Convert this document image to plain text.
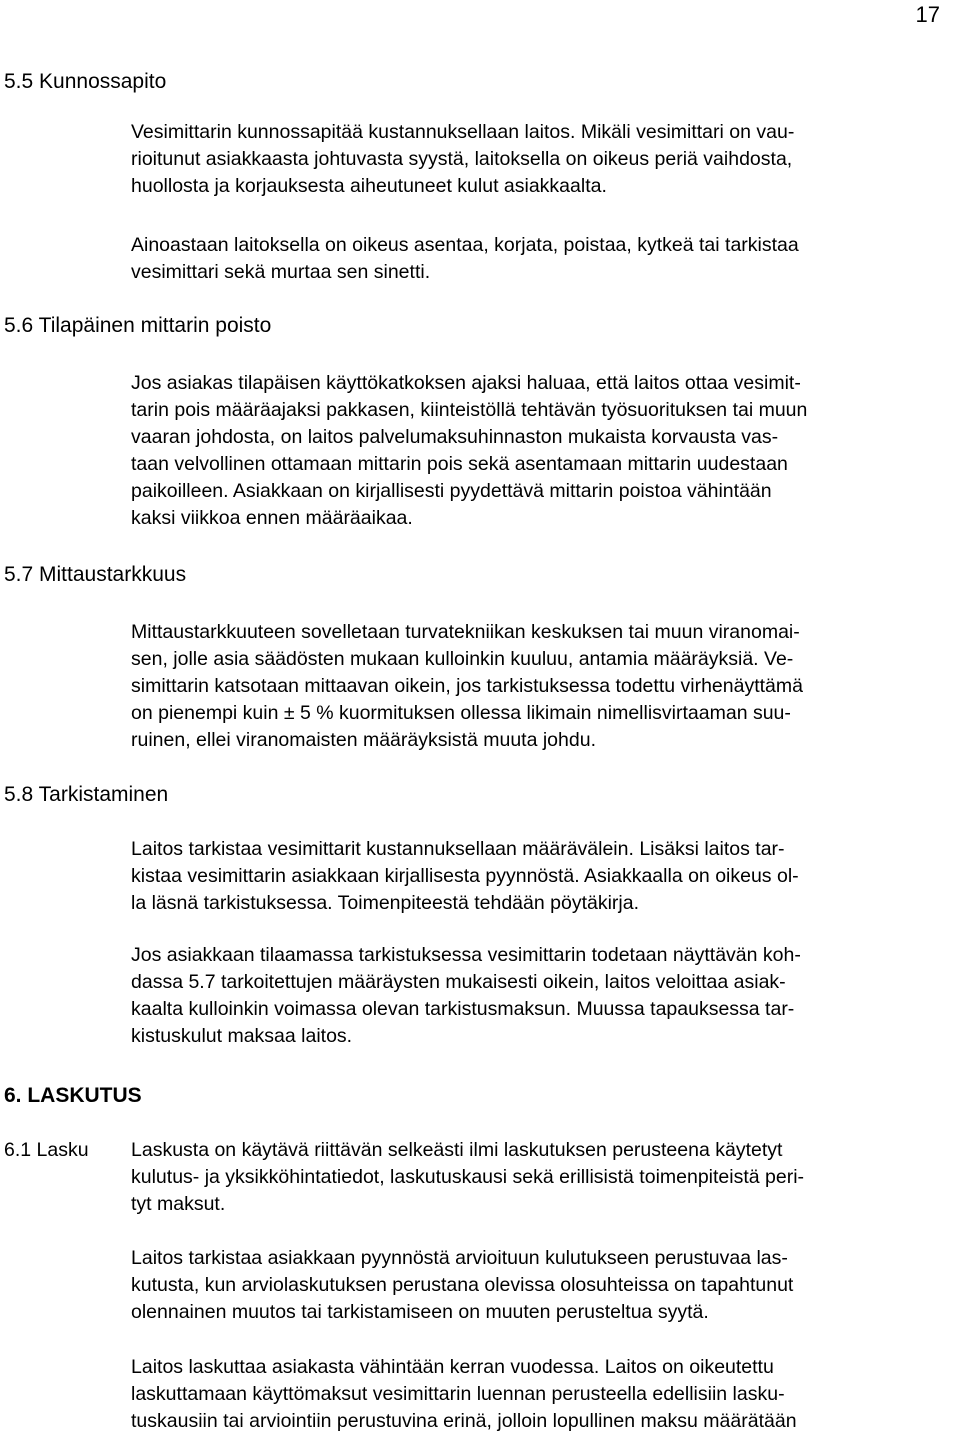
17
5.5 Kunnossapito
Vesimittarin kunnossapitää kustannuksellaan laitos. Mikäli vesimittari on vau-
rioitunut asiakkaasta johtuvasta syystä, laitoksella on oikeus periä vaihdosta,
huollosta ja korjauksesta aiheutuneet kulut asiakkaalta.
Ainoastaan laitoksella on oikeus asentaa, korjata, poistaa, kytkeä tai tarkistaa
vesimittari sekä murtaa sen sinetti.
5.6 Tilapäinen mittarin poisto
Jos asiakas tilapäisen käyttökatkoksen ajaksi haluaa, että laitos ottaa vesimit-
tarin pois määräajaksi pakkasen, kiinteistöllä tehtävän työsuorituksen tai muun
vaaran johdosta, on laitos palvelumaksuhinnaston mukaista korvausta vas-
taan velvollinen ottamaan mittarin pois sekä asentamaan mittarin uudestaan
paikoilleen. Asiakkaan on kirjallisesti pyydettävä mittarin poistoa vähintään
kaksi viikkoa ennen määräaikaa.
5.7 Mittaustarkkuus
Mittaustarkkuuteen sovelletaan turvatekniikan keskuksen tai muun viranomai-
sen, jolle asia säädösten mukaan kulloinkin kuuluu, antamia määräyksiä. Ve-
simittarin katsotaan mittaavan oikein, jos tarkistuksessa todettu virhenäyttämä
on pienempi kuin ± 5 % kuormituksen ollessa likimain nimellisvirtaaman suu-
ruinen, ellei viranomaisten määräyksistä muuta johdu.
5.8 Tarkistaminen
Laitos tarkistaa vesimittarit kustannuksellaan määrävälein. Lisäksi laitos tar-
kistaa vesimittarin asiakkaan kirjallisesta pyynnöstä. Asiakkaalla on oikeus ol-
la läsnä tarkistuksessa. Toimenpiteestä tehdään pöytäkirja.
Jos asiakkaan tilaamassa tarkistuksessa vesimittarin todetaan näyttävän koh-
dassa 5.7 tarkoitettujen määräysten mukaisesti oikein, laitos veloittaa asiak-
kaalta kulloinkin voimassa olevan tarkistusmaksun. Muussa tapauksessa tar-
kistuskulut maksaa laitos.
6. LASKUTUS
6.1 Lasku Laskusta on käytävä riittävän selkeästi ilmi laskutuksen perusteena käytetyt
kulutus- ja yksikköhintatiedot, laskutuskausi sekä erillisistä toimenpiteistä peri-
tyt maksut.
Laitos tarkistaa asiakkaan pyynnöstä arvioituun kulutukseen perustuvaa las-
kutusta, kun arviolaskutuksen perustana olevissa olosuhteissa on tapahtunut
olennainen muutos tai tarkistamiseen on muuten perusteltua syytä.
Laitos laskuttaa asiakasta vähintään kerran vuodessa. Laitos on oikeutettu
laskuttamaan käyttömaksut vesimittarin luennan perusteella edellisiin lasku-
tuskausiin tai arviointiin perustuvina erinä, jolloin lopullinen maksu määrätään
